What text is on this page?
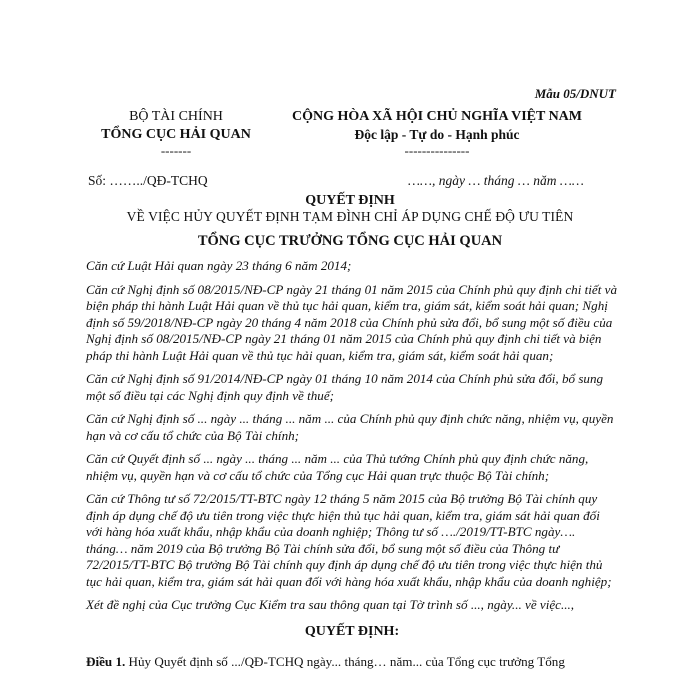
Mẫu 05/DNUT
BỘ TÀI CHÍNH
TỔNG CỤC HẢI QUAN
-------
CỘNG HÒA XÃ HỘI CHỦ NGHĨA VIỆT NAM
Độc lập - Tự do - Hạnh phúc
---------------
Số: ……../QĐ-TCHQ	……, ngày … tháng … năm ……
QUYẾT ĐỊNH
VỀ VIỆC HỦY QUYẾT ĐỊNH TẠM ĐÌNH CHỈ ÁP DỤNG CHẾ ĐỘ ƯU TIÊN
TỔNG CỤC TRƯỞNG TỔNG CỤC HẢI QUAN

Căn cứ Luật Hải quan ngày 23 tháng 6 năm 2014;

Căn cứ Nghị định số 08/2015/NĐ-CP ngày 21 tháng 01 năm 2015 của Chính phủ quy định chi tiết và biện pháp thi hành Luật Hải quan về thủ tục hải quan, kiểm tra, giám sát, kiểm soát hải quan; Nghị định số 59/2018/NĐ-CP ngày 20 tháng 4 năm 2018 của Chính phủ sửa đổi, bổ sung một số điều của Nghị định số 08/2015/NĐ-CP ngày 21 tháng 01 năm 2015 của Chính phủ quy định chi tiết và biện pháp thi hành Luật Hải quan về thủ tục hải quan, kiểm tra, giám sát, kiểm soát hải quan;

Căn cứ Nghị định số 91/2014/NĐ-CP ngày 01 tháng 10 năm 2014 của Chính phủ sửa đổi, bổ sung một số điều tại các Nghị định quy định về thuế;

Căn cứ Nghị định số ... ngày ... tháng ... năm ... của Chính phủ quy định chức năng, nhiệm vụ, quyền hạn và cơ cấu tổ chức của Bộ Tài chính;

Căn cứ Quyết định số ... ngày ... tháng ... năm ... của Thủ tướng Chính phủ quy định chức năng, nhiệm vụ, quyền hạn và cơ cấu tổ chức của Tổng cục Hải quan trực thuộc Bộ Tài chính;

Căn cứ Thông tư số 72/2015/TT-BTC ngày 12 tháng 5 năm 2015 của Bộ trưởng Bộ Tài chính quy định áp dụng chế độ ưu tiên trong việc thực hiện thủ tục hải quan, kiểm tra, giám sát hải quan đối với hàng hóa xuất khẩu, nhập khẩu của doanh nghiệp; Thông tư số …./2019/TT-BTC ngày…. tháng… năm 2019 của Bộ trưởng Bộ Tài chính sửa đổi, bổ sung một số điều của Thông tư 72/2015/TT-BTC Bộ trưởng Bộ Tài chính quy định áp dụng chế độ ưu tiên trong việc thực hiện thủ tục hải quan, kiểm tra, giám sát hải quan đối với hàng hóa xuất khẩu, nhập khẩu của doanh nghiệp;

Xét đề nghị của Cục trưởng Cục Kiểm tra sau thông quan tại Tờ trình số ..., ngày... về việc...,

QUYẾT ĐỊNH:

Điều 1. Hủy Quyết định số .../QĐ-TCHQ ngày... tháng… năm... của Tổng cục trưởng Tổng
